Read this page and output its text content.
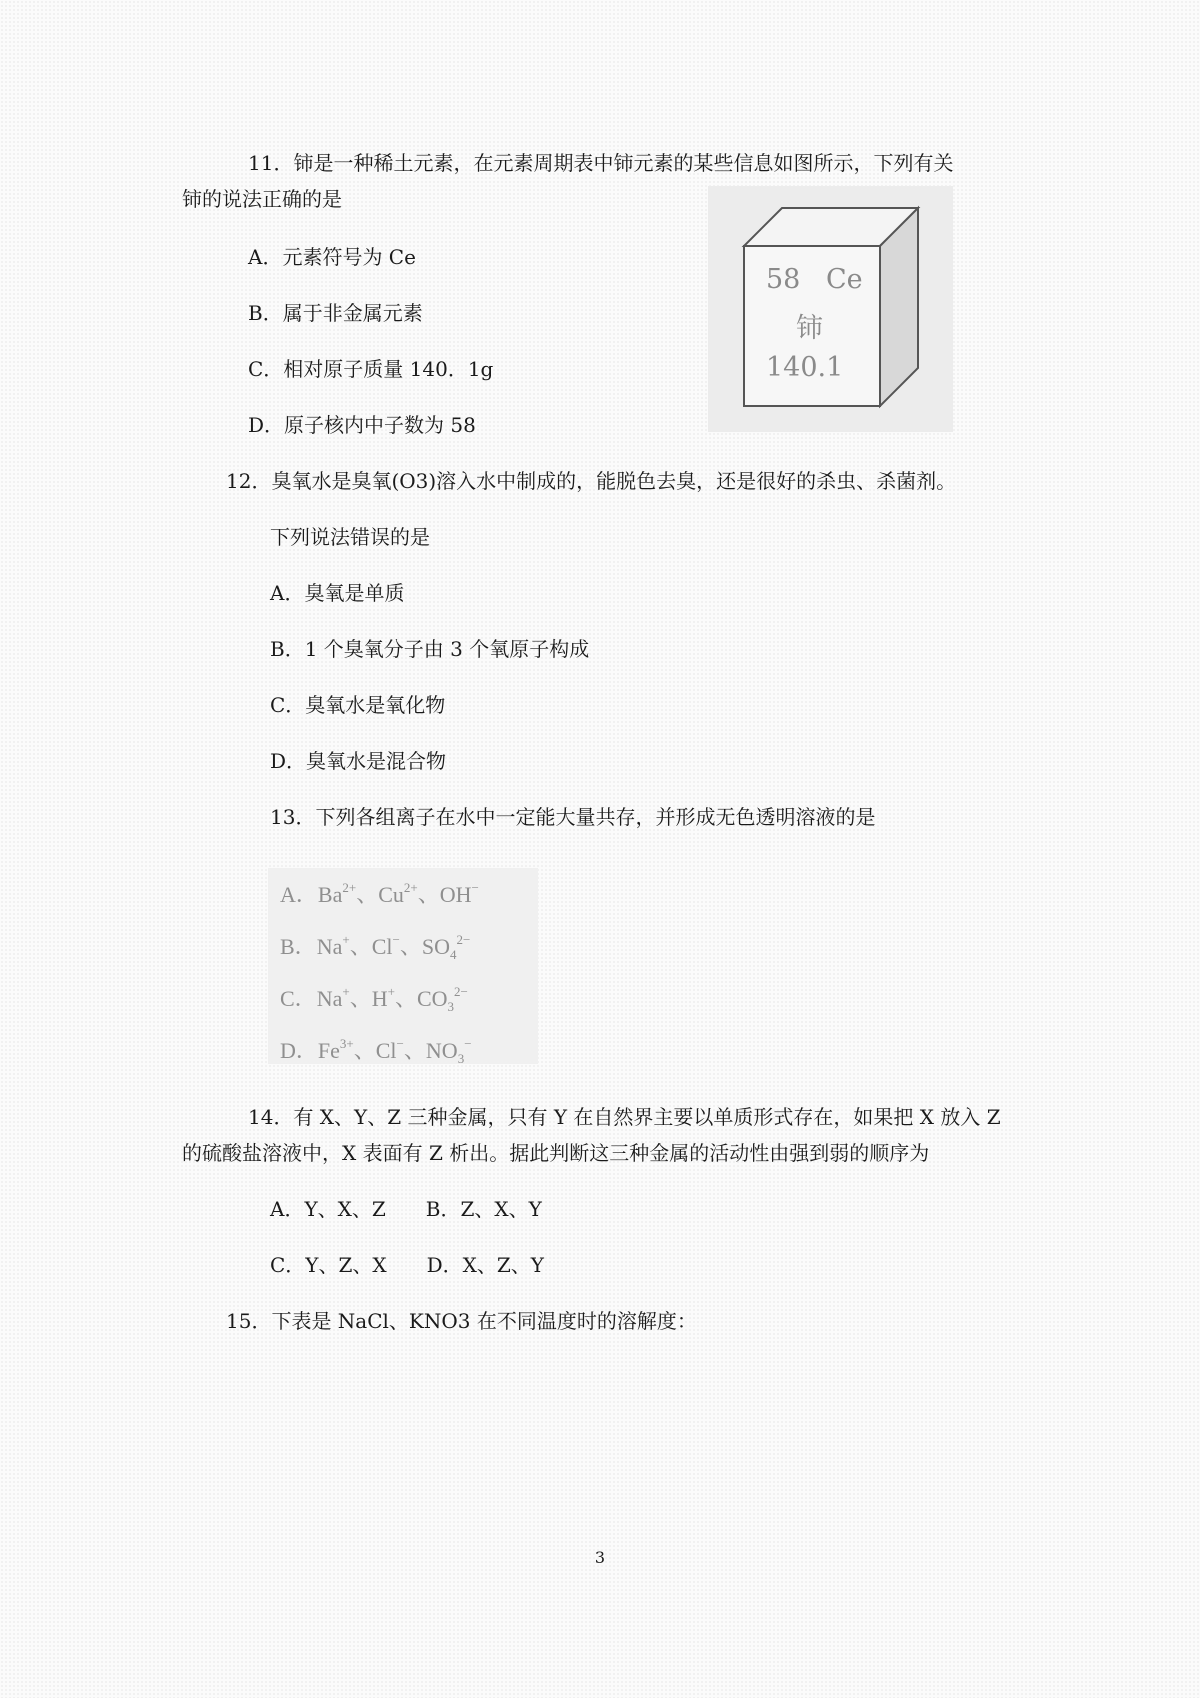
11．铈是一种稀土元素，在元素周期表中铈元素的某些信息如图所示，下列有关
铈的说法正确的是
A．元素符号为 Ce
B．属于非金属元素
C．相对原子质量 140．1g
D．原子核内中子数为 58
58 Ce
铈
140.1
12．臭氧水是臭氧(O3)溶入水中制成的，能脱色去臭，还是很好的杀虫、杀菌剂。
下列说法错误的是
A．臭氧是单质
B．1 个臭氧分子由 3 个氧原子构成
C．臭氧水是氧化物
D．臭氧水是混合物
13．下列各组离子在水中一定能大量共存，并形成无色透明溶液的是
A．$Ba^{2+}$、$Cu^{2+}$、OH−
B．Na+、Cl−、$SO_4^{2-}$
C．Na+、H+、$CO_3^{2-}$
D．$Fe^{3+}$、Cl−、$NO_3^-$
14．有 X、Y、Z 三种金属，只有 Y 在自然界主要以单质形式存在，如果把 X 放入 Z
的硫酸盐溶液中，X 表面有 Z 析出。据此判断这三种金属的活动性由强到弱的顺序为
A．Y、X、Z　　B．Z、X、Y
C．Y、Z、X　　D．X、Z、Y
15．下表是 NaCl、KNO3 在不同温度时的溶解度：
3
